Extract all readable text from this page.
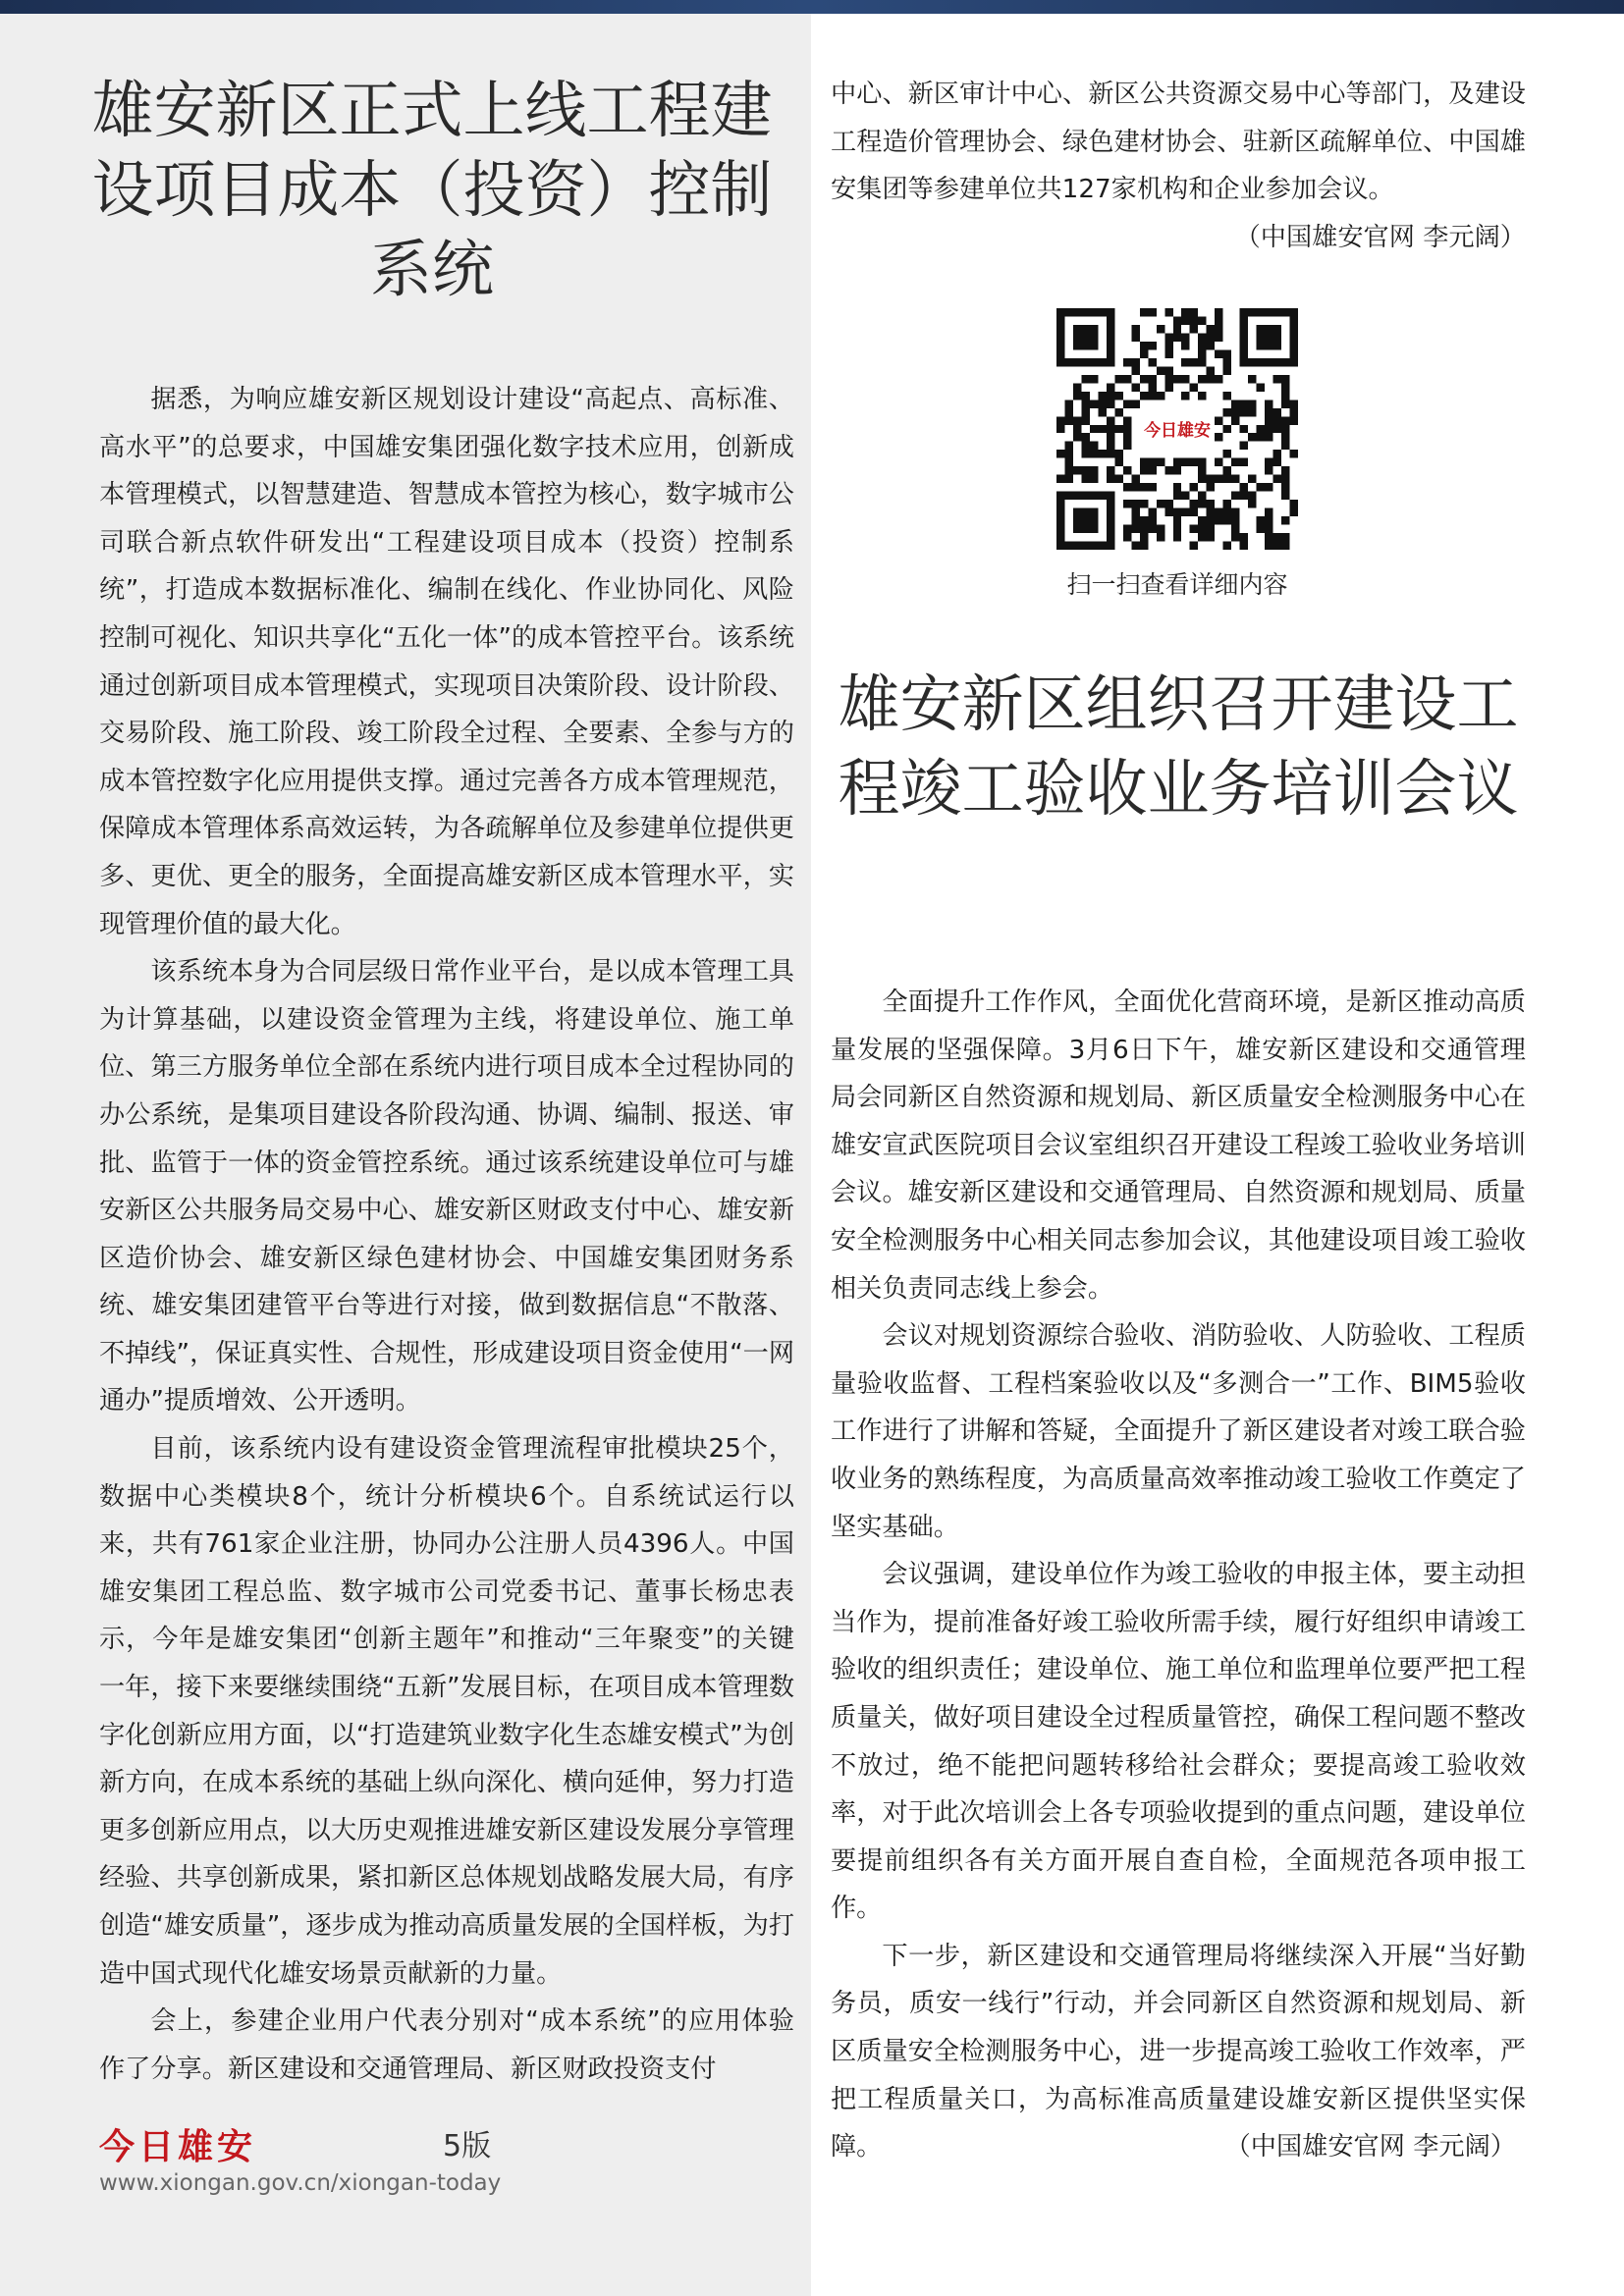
雄安新区正式上线工程建设项目成本（投资）控制系统

据悉，为响应雄安新区规划设计建设“高起点、高标准、高水平”的总要求，中国雄安集团强化数字技术应用，创新成本管理模式，以智慧建造、智慧成本管控为核心，数字城市公司联合新点软件研发出“工程建设项目成本（投资）控制系统”，打造成本数据标准化、编制在线化、作业协同化、风险控制可视化、知识共享化“五化一体”的成本管控平台。该系统通过创新项目成本管理模式，实现项目决策阶段、设计阶段、交易阶段、施工阶段、竣工阶段全过程、全要素、全参与方的成本管控数字化应用提供支撑。通过完善各方成本管理规范，保障成本管理体系高效运转，为各疏解单位及参建单位提供更多、更优、更全的服务，全面提高雄安新区成本管理水平，实现管理价值的最大化。

该系统本身为合同层级日常作业平台，是以成本管理工具为计算基础，以建设资金管理为主线，将建设单位、施工单位、第三方服务单位全部在系统内进行项目成本全过程协同的办公系统，是集项目建设各阶段沟通、协调、编制、报送、审批、监管于一体的资金管控系统。通过该系统建设单位可与雄安新区公共服务局交易中心、雄安新区财政支付中心、雄安新区造价协会、雄安新区绿色建材协会、中国雄安集团财务系统、雄安集团建管平台等进行对接，做到数据信息“不散落、不掉线”，保证真实性、合规性，形成建设项目资金使用“一网通办”提质增效、公开透明。

目前，该系统内设有建设资金管理流程审批模块25个，数据中心类模块8个，统计分析模块6个。自系统试运行以来，共有761家企业注册，协同办公注册人员4396人。中国雄安集团工程总监、数字城市公司党委书记、董事长杨忠表示，今年是雄安集团“创新主题年”和推动“三年聚变”的关键一年，接下来要继续围绕“五新”发展目标，在项目成本管理数字化创新应用方面，以“打造建筑业数字化生态雄安模式”为创新方向，在成本系统的基础上纵向深化、横向延伸，努力打造更多创新应用点，以大历史观推进雄安新区建设发展分享管理经验、共享创新成果，紧扣新区总体规划战略发展大局，有序创造“雄安质量”，逐步成为推动高质量发展的全国样板，为打造中国式现代化雄安场景贡献新的力量。

会上，参建企业用户代表分别对“成本系统”的应用体验作了分享。新区建设和交通管理局、新区财政投资支付

中心、新区审计中心、新区公共资源交易中心等部门，及建设工程造价管理协会、绿色建材协会、驻新区疏解单位、中国雄安集团等参建单位共127家机构和企业参加会议。

（中国雄安官网 李元阔）

今日雄安

扫一扫查看详细内容

雄安新区组织召开建设工程竣工验收业务培训会议

全面提升工作作风，全面优化营商环境，是新区推动高质量发展的坚强保障。3月6日下午，雄安新区建设和交通管理局会同新区自然资源和规划局、新区质量安全检测服务中心在雄安宣武医院项目会议室组织召开建设工程竣工验收业务培训会议。雄安新区建设和交通管理局、自然资源和规划局、质量安全检测服务中心相关同志参加会议，其他建设项目竣工验收相关负责同志线上参会。

会议对规划资源综合验收、消防验收、人防验收、工程质量验收监督、工程档案验收以及“多测合一”工作、BIM5验收工作进行了讲解和答疑，全面提升了新区建设者对竣工联合验收业务的熟练程度，为高质量高效率推动竣工验收工作奠定了坚实基础。

会议强调，建设单位作为竣工验收的申报主体，要主动担当作为，提前准备好竣工验收所需手续，履行好组织申请竣工验收的组织责任；建设单位、施工单位和监理单位要严把工程质量关，做好项目建设全过程质量管控，确保工程问题不整改不放过，绝不能把问题转移给社会群众；要提高竣工验收效率，对于此次培训会上各专项验收提到的重点问题，建设单位要提前组织各有关方面开展自查自检，全面规范各项申报工作。

下一步，新区建设和交通管理局将继续深入开展“当好勤务员，质安一线行”行动，并会同新区自然资源和规划局、新区质量安全检测服务中心，进一步提高竣工验收工作效率，严把工程质量关口，为高标准高质量建设雄安新区提供坚实保障。	（中国雄安官网 李元阔）

今日雄安	5版
www.xiongan.gov.cn/xiongan-today
